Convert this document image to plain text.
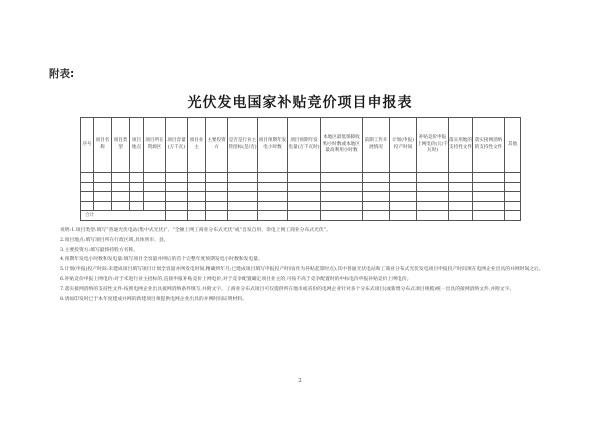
附表:
光伏发电国家补贴竞价项目申报表
序号	项目名称	项目类型	项目地点	项目所在资源区	项目容量(万千瓦)	项目业主	主要投资方	是否是行业主管招标(是/否)	项目预期年发电小时数	项目预期年发电量(万千瓦时)	本地区最低保障收购小时数或本地区最高利用小时数	前期工作开展情况	计划(申报)投产时间	补贴竞价申报上网电价(元/千瓦时)	落实用地的支持性文件	落实接网消纳的支持性文件	其他

合计																	

说明:1.项目类型:填写“普通光伏电站(集中式光伏)”、“全额上网工商业分布式光伏”或“自发自用、余电上网工商业分布式光伏”。

2.项目地点:填写项目所在行政区域,具体到市、县。

3.主要投资方:填写最终持股方名称。

4.预期年发电小时数和发电量:填写项目全容量并网后的首个完整年度预期发电小时数和发电量。

5.计划(申报)投产时间:未建成项目填写项目计划全容量并网发电时间,精确到年月;已建成项目填写申报投产时间(作为补贴起算时点),其中普通光伏电站和工商业分布式光伏发电项目申报投产时间须在电网企业出具的并网时间之后。

6.补贴竞价申报上网电价:对于未进行业主招标的,直接申报补贴竞价上网电价;对于竞争配置确定项目业主的,可按不高于竞争配置时的中标电价申报补贴竞价上网电价。

7.落实接网消纳的支持性文件:按照电网企业出具接网消纳条件填写,并附文字。工商业分布式项目可仅提供所在地市或省份的电网企业针对多个分布式项目(或新增分布式项目规模)统一出具的接网消纳文件,并附文字。

8.请如印发时已于本年度建成并网的新建项目须提供电网企业出具的并网时间证明材料。

2
